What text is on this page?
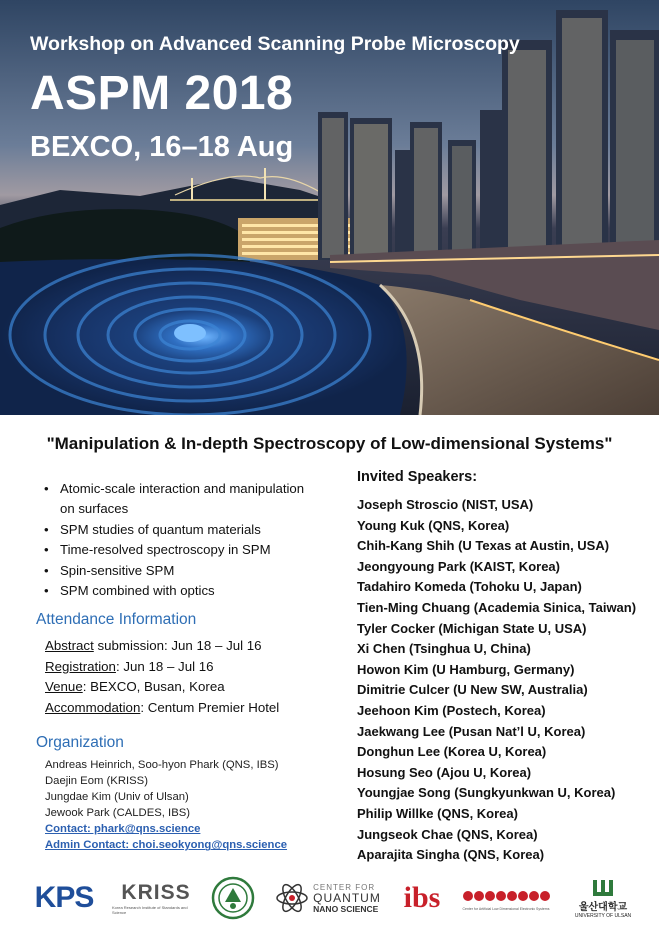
Workshop on Advanced Scanning Probe Microscopy
ASPM 2018
BEXCO, 16–18 Aug
"Manipulation & In-depth Spectroscopy of Low-dimensional Systems"
• Atomic-scale interaction and manipulation on surfaces
• SPM studies of quantum materials
• Time-resolved spectroscopy in SPM
• Spin-sensitive SPM
• SPM combined with optics
Attendance Information
Abstract submission: Jun 18 – Jul 16
Registration: Jun 18 – Jul 16
Venue: BEXCO, Busan, Korea
Accommodation: Centum Premier Hotel
Organization
Andreas Heinrich, Soo-hyon Phark (QNS, IBS)
Daejin Eom (KRISS)
Jungdae Kim (Univ of Ulsan)
Jewook Park (CALDES, IBS)
Contact: phark@qns.science
Admin Contact: choi.seokyong@qns.science
Invited Speakers:
Joseph Stroscio (NIST, USA)
Young Kuk (QNS, Korea)
Chih-Kang Shih (U Texas at Austin, USA)
Jeongyoung Park (KAIST, Korea)
Tadahiro Komeda (Tohoku U, Japan)
Tien-Ming Chuang (Academia Sinica, Taiwan)
Tyler Cocker (Michigan State U, USA)
Xi Chen (Tsinghua U, China)
Howon Kim (U Hamburg, Germany)
Dimitrie Culcer (U New SW, Australia)
Jeehoon Kim (Postech, Korea)
Jaekwang Lee (Pusan Nat’l U, Korea)
Donghun Lee (Korea U, Korea)
Hosung Seo (Ajou U, Korea)
Youngjae Song (Sungkyunkwan U, Korea)
Philip Willke (QNS, Korea)
Jungseok Chae (QNS, Korea)
Aparajita Singha (QNS, Korea)
KPS KRISS
Korea Research Institute of Standards and Science
CENTER FOR
QUANTUM
NANO SCIENCE ibs	Center for Artificial Low Dimensional Electronic Systems	울산대학교
UNIVERSITY OF ULSAN
